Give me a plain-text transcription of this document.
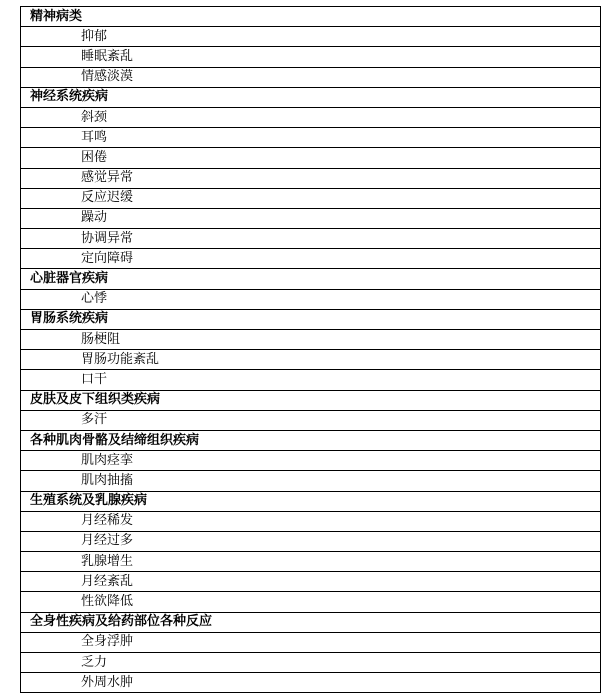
精神病类
抑郁
睡眠紊乱
情感淡漠
神经系统疾病
斜颈
耳鸣
困倦
感觉异常
反应迟缓
躁动
协调异常
定向障碍
心脏器官疾病
心悸
胃肠系统疾病
肠梗阻
胃肠功能紊乱
口干
皮肤及皮下组织类疾病
多汗
各种肌肉骨骼及结缔组织疾病
肌肉痉挛
肌肉抽搐
生殖系统及乳腺疾病
月经稀发
月经过多
乳腺增生
月经紊乱
性欲降低
全身性疾病及给药部位各种反应
全身浮肿
乏力
外周水肿
